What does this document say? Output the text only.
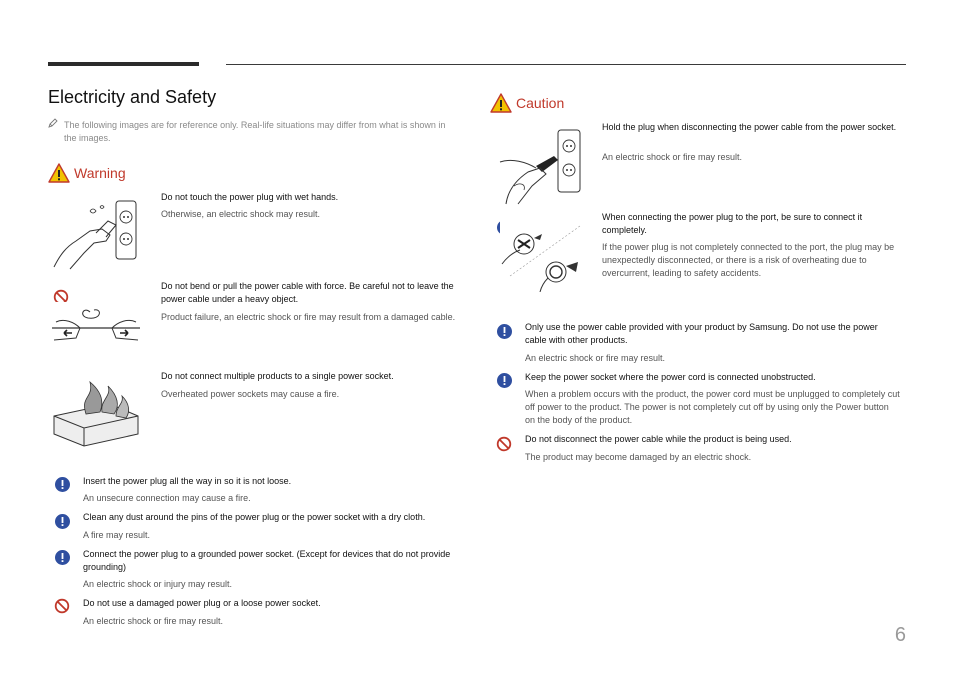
Electricity and Safety
The following images are for reference only. Real-life situations may differ from what is shown in the images.
Warning
Do not touch the power plug with wet hands.
Otherwise, an electric shock may result.
Do not bend or pull the power cable with force. Be careful not to leave the power cable under a heavy object.
Product failure, an electric shock or fire may result from a damaged cable.
Do not connect multiple products to a single power socket.
Overheated power sockets may cause a fire.
Insert the power plug all the way in so it is not loose.
An unsecure connection may cause a fire.
Clean any dust around the pins of the power plug or the power socket with a dry cloth.
A fire may result.
Connect the power plug to a grounded power socket. (Except for devices that do not provide grounding)
An electric shock or injury may result.
Do not use a damaged power plug or a loose power socket.
An electric shock or fire may result.
Caution
Hold the plug when disconnecting the power cable from the power socket.
An electric shock or fire may result.
When connecting the power plug to the port, be sure to connect it completely.
If the power plug is not completely connected to the port, the plug may be unexpectedly disconnected, or there is a risk of overheating due to overcurrent, leading to safety accidents.
Only use the power cable provided with your product by Samsung. Do not use the power cable with other products.
An electric shock or fire may result.
Keep the power socket where the power cord is connected unobstructed.
When a problem occurs with the product, the power cord must be unplugged to completely cut off power to the product. The power is not completely cut off by using only the Power button on the body of the product.
Do not disconnect the power cable while the product is being used.
The product may become damaged by an electric shock.
6
